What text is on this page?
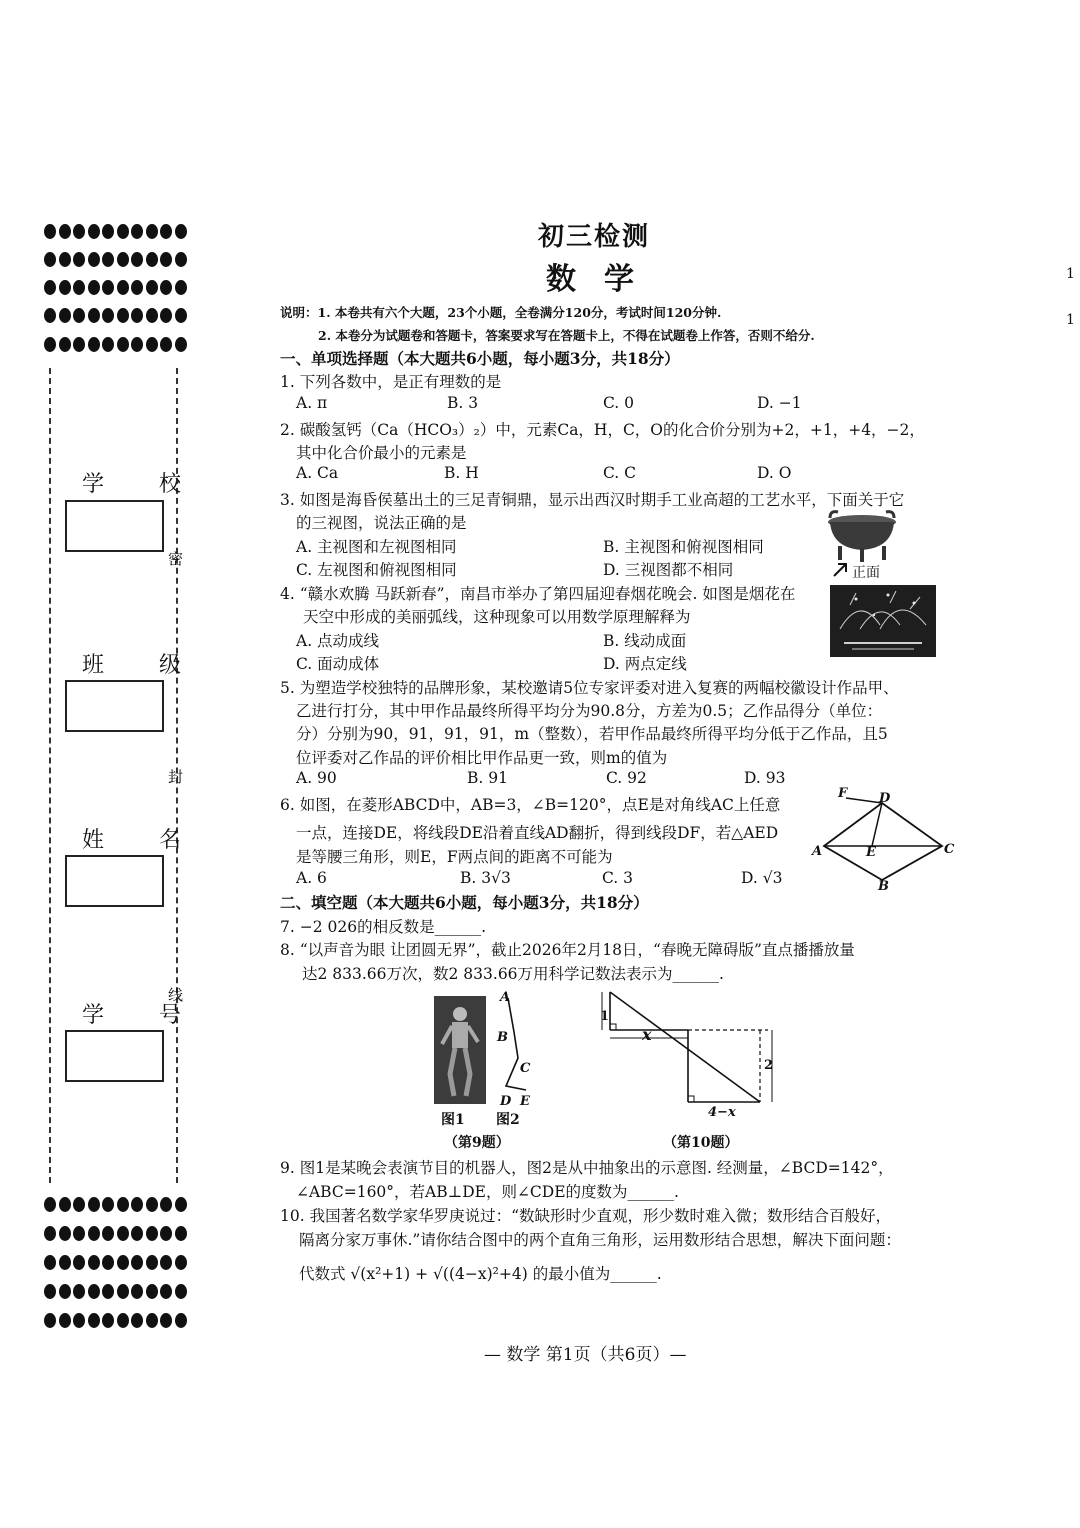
学 校
班 级
姓 名
学 号
密
封
线
1
1
初三检测
数学
说明：1. 本卷共有六个大题，23个小题，全卷满分120分，考试时间120分钟.
2. 本卷分为试题卷和答题卡，答案要求写在答题卡上，不得在试题卷上作答，否则不给分.
一、单项选择题（本大题共6小题，每小题3分，共18分）
1. 下列各数中，是正有理数的是
A. π	B. 3	C. 0	D. −1
2. 碳酸氢钙（Ca（HCO₃）₂）中，元素Ca，H，C，O的化合价分别为+2，+1，+4，−2，
其中化合价最小的元素是
A. Ca	B. H	C. C	D. O
3. 如图是海昏侯墓出土的三足青铜鼎，显示出西汉时期手工业高超的工艺水平，下面关于它
的三视图，说法正确的是
A. 主视图和左视图相同	B. 主视图和俯视图相同
C. 左视图和俯视图相同	D. 三视图都不相同	正面
4. “赣水欢腾 马跃新春”，南昌市举办了第四届迎春烟花晚会. 如图是烟花在
天空中形成的美丽弧线，这种现象可以用数学原理解释为
A. 点动成线	B. 线动成面
C. 面动成体	D. 两点定线
5. 为塑造学校独特的品牌形象，某校邀请5位专家评委对进入复赛的两幅校徽设计作品甲、
乙进行打分，其中甲作品最终所得平均分为90.8分，方差为0.5；乙作品得分（单位：
分）分别为90，91，91，91，m（整数），若甲作品最终所得平均分低于乙作品，且5
位评委对乙作品的评价相比甲作品更一致，则m的值为
A. 90	B. 91	C. 92	D. 93
6. 如图，在菱形ABCD中，AB=3，∠B=120°，点E是对角线AC上任意
一点，连接DE，将线段DE沿着直线AD翻折，得到线段DF，若△AED
是等腰三角形，则E，F两点间的距离不可能为
A. 6	B. 3√3	C. 3	D. √3
F D
A	E	C
B
二、填空题（本大题共6小题，每小题3分，共18分）
7. −2 026的相反数是______.
8. “以声音为眼 让团圆无界”，截止2026年2月18日，“春晚无障碍版”直点播播放量
达2 833.66万次，数2 833.66万用科学记数法表示为______.
A
B
C
D E
图1 图2
（第9题）
1
x
2
4−x
（第10题）
9. 图1是某晚会表演节目的机器人，图2是从中抽象出的示意图. 经测量，∠BCD=142°，
∠ABC=160°，若AB⊥DE，则∠CDE的度数为______.
10. 我国著名数学家华罗庚说过：“数缺形时少直观，形少数时难入微；数形结合百般好，
隔离分家万事休.”请你结合图中的两个直角三角形，运用数形结合思想，解决下面问题：
代数式 √(x²+1) + √((4−x)²+4) 的最小值为______.
— 数学 第1页（共6页）—
